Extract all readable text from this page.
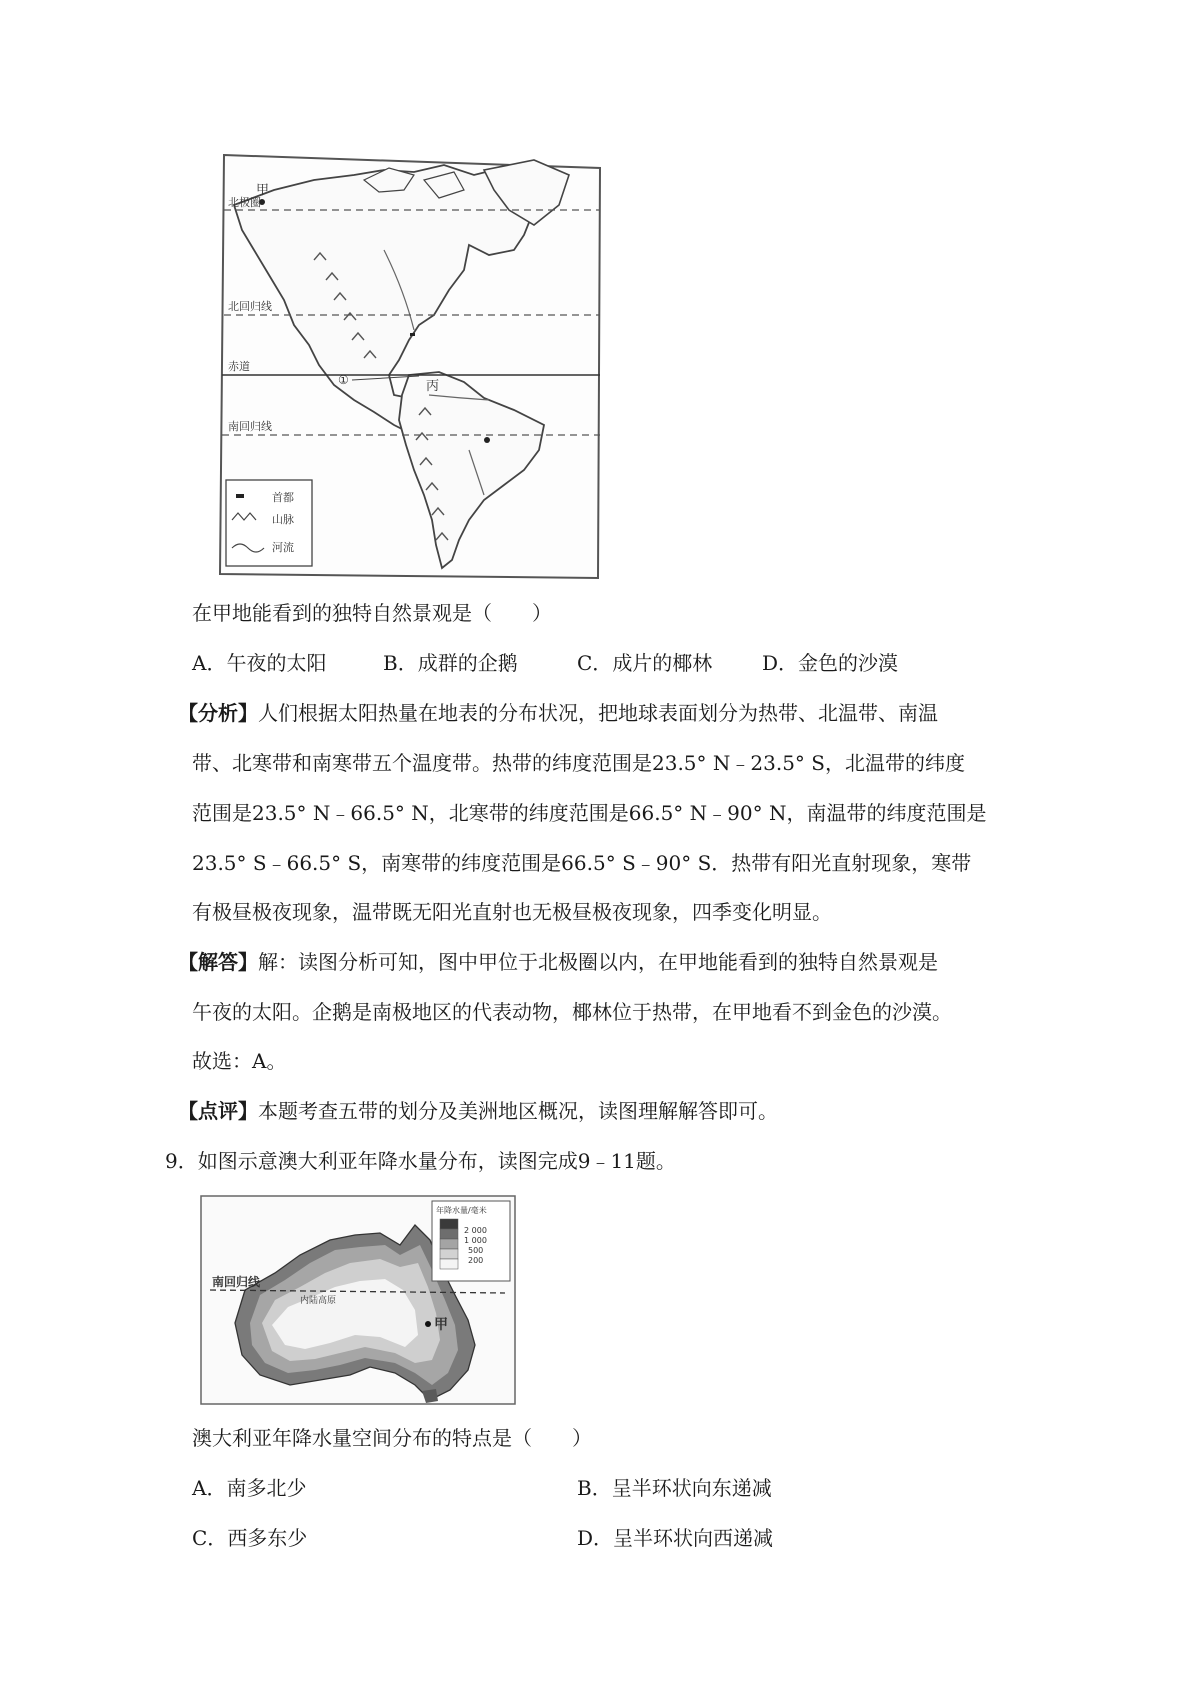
甲
北极圈
北回归线
赤道
南回归线
①	丙
首都
山脉
河流
在甲地能看到的独特自然景观是（　　）
A．午夜的太阳	B．成群的企鹅	C．成片的椰林 D．金色的沙漠
【分析】人们根据太阳热量在地表的分布状况，把地球表面划分为热带、北温带、南温
带、北寒带和南寒带五个温度带。热带的纬度范围是23.5° N﹣23.5° S，北温带的纬度
范围是23.5° N﹣66.5° N，北寒带的纬度范围是66.5° N﹣90° N，南温带的纬度范围是
23.5° S﹣66.5° S，南寒带的纬度范围是66.5° S﹣90° S．热带有阳光直射现象，寒带
有极昼极夜现象，温带既无阳光直射也无极昼极夜现象，四季变化明显。
【解答】解：读图分析可知，图中甲位于北极圈以内，在甲地能看到的独特自然景观是
午夜的太阳。企鹅是南极地区的代表动物，椰林位于热带，在甲地看不到金色的沙漠。
故选：A。
【点评】本题考查五带的划分及美洲地区概况，读图理解解答即可。
9．如图示意澳大利亚年降水量分布，读图完成9﹣11题。
南回归线
内陆高原
甲
年降水量/毫米
2 000
1 000
500
200
澳大利亚年降水量空间分布的特点是（　　）
A．南多北少	B．呈半环状向东递减
C．西多东少	D．呈半环状向西递减
